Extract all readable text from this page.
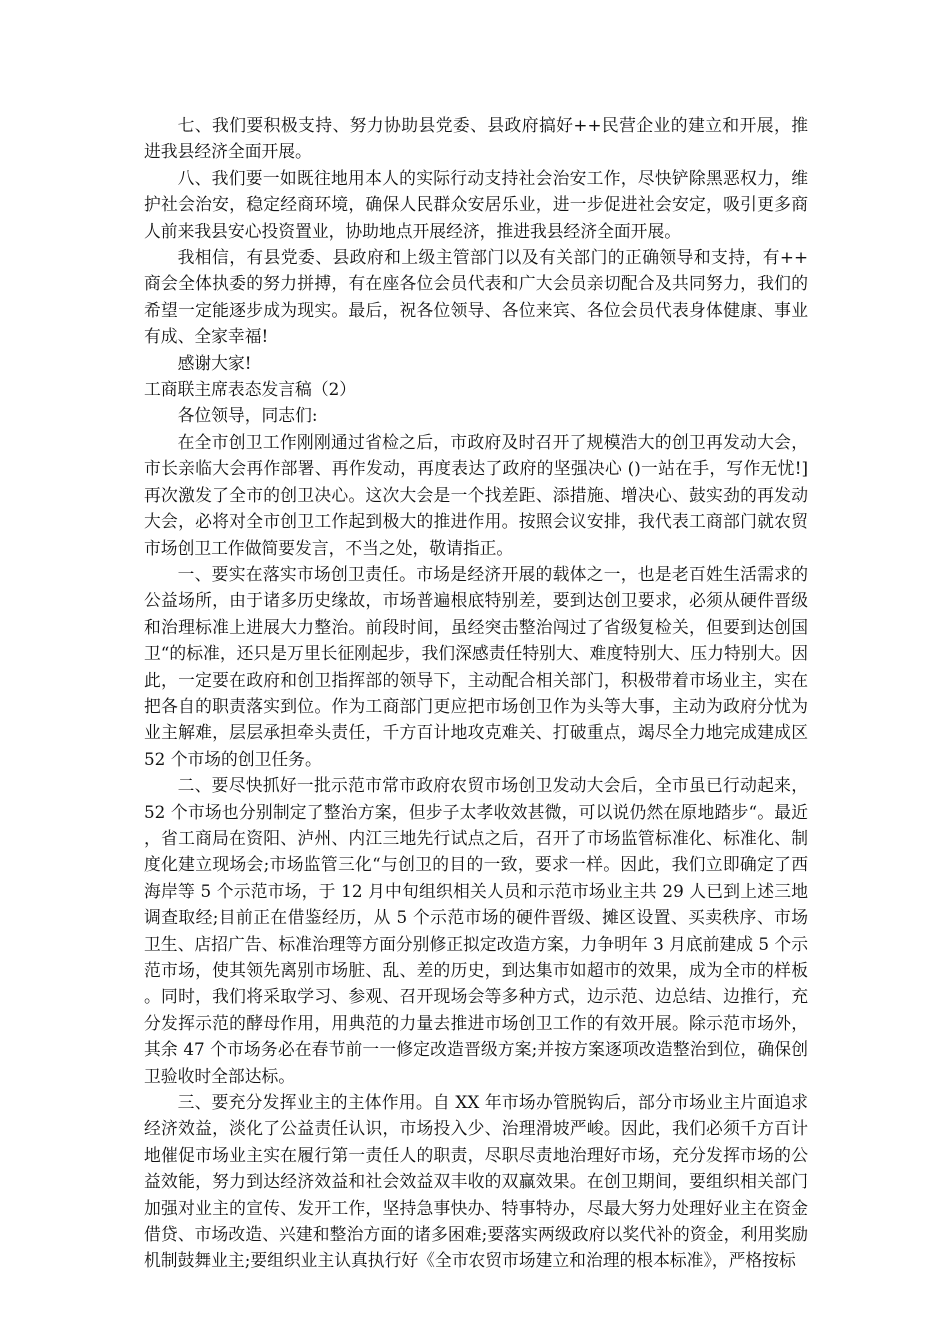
七、我们要积极支持、努力协助县党委、县政府搞好++民营企业的建立和开展，推进我县经济全面开展。

八、我们要一如既往地用本人的实际行动支持社会治安工作，尽快铲除黑恶权力，维护社会治安，稳定经商环境，确保人民群众安居乐业，进一步促进社会安定，吸引更多商人前来我县安心投资置业，协助地点开展经济，推进我县经济全面开展。

我相信，有县党委、县政府和上级主管部门以及有关部门的正确领导和支持，有++商会全体执委的努力拼搏，有在座各位会员代表和广大会员亲切配合及共同努力，我们的希望一定能逐步成为现实。最后，祝各位领导、各位来宾、各位会员代表身体健康、事业有成、全家幸福!

感谢大家!

工商联主席表态发言稿（2）

各位领导，同志们:

在全市创卫工作刚刚通过省检之后，市政府及时召开了规模浩大的创卫再发动大会，市长亲临大会再作部署、再作发动，再度表达了政府的坚强决心 ()一站在手，写作无忧!]再次激发了全市的创卫决心。这次大会是一个找差距、添措施、增决心、鼓实劲的再发动大会，必将对全市创卫工作起到极大的推进作用。按照会议安排，我代表工商部门就农贸市场创卫工作做简要发言，不当之处，敬请指正。

一、要实在落实市场创卫责任。市场是经济开展的载体之一，也是老百姓生活需求的公益场所，由于诸多历史缘故，市场普遍根底特别差，要到达创卫要求，必须从硬件晋级和治理标准上进展大力整治。前段时间，虽经突击整治闯过了省级复检关，但要到达创国卫“的标准，还只是万里长征刚起步，我们深感责任特别大、难度特别大、压力特别大。因此，一定要在政府和创卫指挥部的领导下，主动配合相关部门，积极带着市场业主，实在把各自的职责落实到位。作为工商部门更应把市场创卫作为头等大事，主动为政府分忧为业主解难，层层承担牵头责任，千方百计地攻克难关、打破重点，竭尽全力地完成建成区 52 个市场的创卫任务。

二、要尽快抓好一批示范市常市政府农贸市场创卫发动大会后，全市虽已行动起来，52 个市场也分别制定了整治方案，但步子太孝收效甚微，可以说仍然在原地踏步“。最近，省工商局在资阳、泸州、内江三地先行试点之后，召开了市场监管标准化、标准化、制度化建立现场会;市场监管三化“与创卫的目的一致，要求一样。因此，我们立即确定了西海岸等 5 个示范市场，于 12 月中旬组织相关人员和示范市场业主共 29 人已到上述三地调查取经;目前正在借鉴经历，从 5 个示范市场的硬件晋级、摊区设置、买卖秩序、市场卫生、店招广告、标准治理等方面分别修正拟定改造方案，力争明年 3 月底前建成 5 个示范市场，使其领先离别市场脏、乱、差的历史，到达集市如超市的效果，成为全市的样板。同时，我们将采取学习、参观、召开现场会等多种方式，边示范、边总结、边推行，充分发挥示范的酵母作用，用典范的力量去推进市场创卫工作的有效开展。除示范市场外，其余 47 个市场务必在春节前一一修定改造晋级方案;并按方案逐项改造整治到位，确保创卫验收时全部达标。

三、要充分发挥业主的主体作用。自 XX 年市场办管脱钩后，部分市场业主片面追求经济效益，淡化了公益责任认识，市场投入少、治理滑坡严峻。因此，我们必须千方百计地催促市场业主实在履行第一责任人的职责，尽职尽责地治理好市场，充分发挥市场的公益效能，努力到达经济效益和社会效益双丰收的双赢效果。在创卫期间，要组织相关部门加强对业主的宣传、发开工作，坚持急事快办、特事特办，尽最大努力处理好业主在资金借贷、市场改造、兴建和整治方面的诸多困难;要落实两级政府以奖代补的资金，利用奖励机制鼓舞业主;要组织业主认真执行好《全市农贸市场建立和治理的根本标准》，严格按标
